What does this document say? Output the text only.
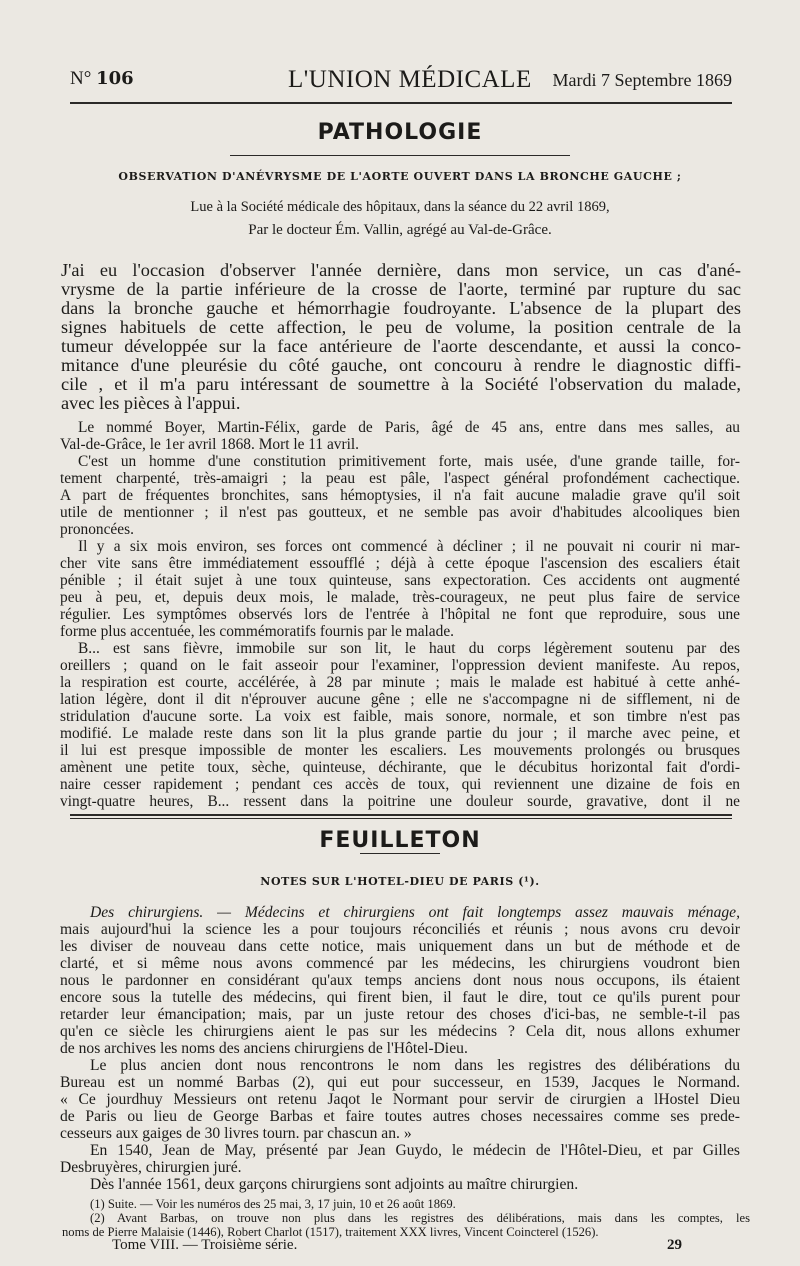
N° 106	L'UNION MÉDICALE Mardi 7 Septembre 1869
PATHOLOGIE
OBSERVATION D'ANÉVRYSME DE L'AORTE OUVERT DANS LA BRONCHE GAUCHE ;
Lue à la Société médicale des hôpitaux, dans la séance du 22 avril 1869,
Par le docteur Ém. Vallin, agrégé au Val-de-Grâce.
J'ai eu l'occasion d'observer l'année dernière, dans mon service, un cas d'ané-
vrysme de la partie inférieure de la crosse de l'aorte, terminé par rupture du sac
dans la bronche gauche et hémorrhagie foudroyante. L'absence de la plupart des
signes habituels de cette affection, le peu de volume, la position centrale de la
tumeur développée sur la face antérieure de l'aorte descendante, et aussi la conco-
mitance d'une pleurésie du côté gauche, ont concouru à rendre le diagnostic diffi-
cile , et il m'a paru intéressant de soumettre à la Société l'observation du malade,
avec les pièces à l'appui.
Le nommé Boyer, Martin-Félix, garde de Paris, âgé de 45 ans, entre dans mes salles, au
Val-de-Grâce, le 1er avril 1868. Mort le 11 avril.
C'est un homme d'une constitution primitivement forte, mais usée, d'une grande taille, for-
tement charpenté, très-amaigri ; la peau est pâle, l'aspect général profondément cachectique.
A part de fréquentes bronchites, sans hémoptysies, il n'a fait aucune maladie grave qu'il soit
utile de mentionner ; il n'est pas goutteux, et ne semble pas avoir d'habitudes alcooliques bien
prononcées.
Il y a six mois environ, ses forces ont commencé à décliner ; il ne pouvait ni courir ni mar-
cher vite sans être immédiatement essoufflé ; déjà à cette époque l'ascension des escaliers était
pénible ; il était sujet à une toux quinteuse, sans expectoration. Ces accidents ont augmenté
peu à peu, et, depuis deux mois, le malade, très-courageux, ne peut plus faire de service
régulier. Les symptômes observés lors de l'entrée à l'hôpital ne font que reproduire, sous une
forme plus accentuée, les commémoratifs fournis par le malade.
B... est sans fièvre, immobile sur son lit, le haut du corps légèrement soutenu par des
oreillers ; quand on le fait asseoir pour l'examiner, l'oppression devient manifeste. Au repos,
la respiration est courte, accélérée, à 28 par minute ; mais le malade est habitué à cette anhé-
lation légère, dont il dit n'éprouver aucune gêne ; elle ne s'accompagne ni de sifflement, ni de
stridulation d'aucune sorte. La voix est faible, mais sonore, normale, et son timbre n'est pas
modifié. Le malade reste dans son lit la plus grande partie du jour ; il marche avec peine, et
il lui est presque impossible de monter les escaliers. Les mouvements prolongés ou brusques
amènent une petite toux, sèche, quinteuse, déchirante, que le décubitus horizontal fait d'ordi-
naire cesser rapidement ; pendant ces accès de toux, qui reviennent une dizaine de fois en
vingt-quatre heures, B... ressent dans la poitrine une douleur sourde, gravative, dont il ne
FEUILLETON
NOTES SUR L'HOTEL-DIEU DE PARIS (¹).
Des chirurgiens. — Médecins et chirurgiens ont fait longtemps assez mauvais ménage,
mais aujourd'hui la science les a pour toujours réconciliés et réunis ; nous avons cru devoir
les diviser de nouveau dans cette notice, mais uniquement dans un but de méthode et de
clarté, et si même nous avons commencé par les médecins, les chirurgiens voudront bien
nous le pardonner en considérant qu'aux temps anciens dont nous nous occupons, ils étaient
encore sous la tutelle des médecins, qui firent bien, il faut le dire, tout ce qu'ils purent pour
retarder leur émancipation; mais, par un juste retour des choses d'ici-bas, ne semble-t-il pas
qu'en ce siècle les chirurgiens aient le pas sur les médecins ? Cela dit, nous allons exhumer
de nos archives les noms des anciens chirurgiens de l'Hôtel-Dieu.
Le plus ancien dont nous rencontrons le nom dans les registres des délibérations du
Bureau est un nommé Barbas (2), qui eut pour successeur, en 1539, Jacques le Normand.
« Ce jourdhuy Messieurs ont retenu Jaqot le Normant pour servir de cirurgien a lHostel Dieu
de Paris ou lieu de George Barbas et faire toutes autres choses necessaires comme ses prede-
cesseurs aux gaiges de 30 livres tourn. par chascun an. »
En 1540, Jean de May, présenté par Jean Guydo, le médecin de l'Hôtel-Dieu, et par Gilles
Desbruyères, chirurgien juré.
Dès l'année 1561, deux garçons chirurgiens sont adjoints au maître chirurgien.
(1) Suite. — Voir les numéros des 25 mai, 3, 17 juin, 10 et 26 août 1869.
(2) Avant Barbas, on trouve non plus dans les registres des délibérations, mais dans les comptes, les
noms de Pierre Malaisie (1446), Robert Charlot (1517), traitement XXX livres, Vincent Coincterel (1526).
Tome VIII. — Troisième série.	29
